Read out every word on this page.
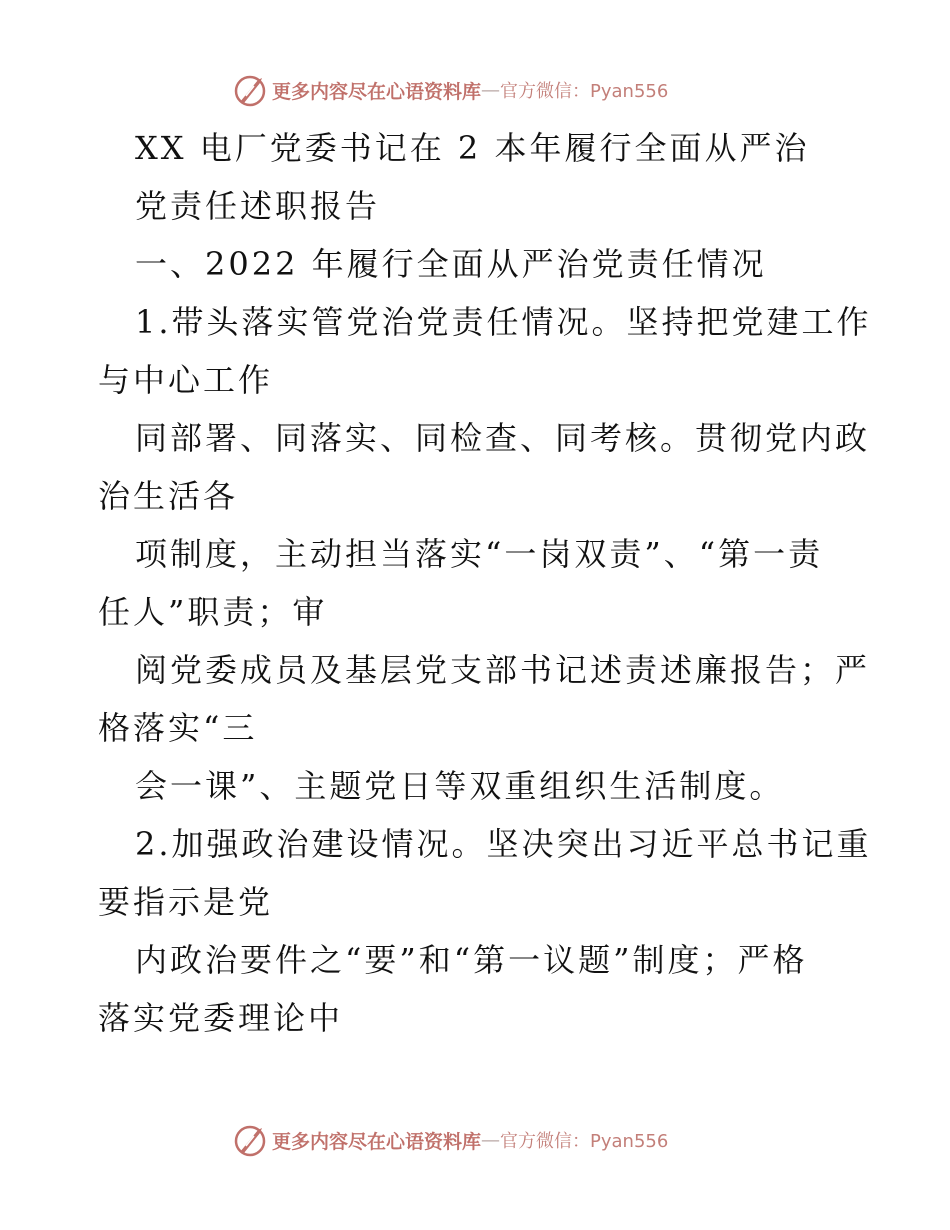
更多内容尽在心语资料库 — 官方微信：Pyan556
XX 电厂党委书记在 2 本年履行全面从严治
党责任述职报告
一、2022 年履行全面从严治党责任情况
1.带头落实管党治党责任情况。坚持把党建工作
与中心工作
同部署、同落实、同检查、同考核。贯彻党内政
治生活各
项制度，主动担当落实“一岗双责”、“第一责
任人”职责；审
阅党委成员及基层党支部书记述责述廉报告；严
格落实“三
会一课”、主题党日等双重组织生活制度。
2.加强政治建设情况。坚决突出习近平总书记重
要指示是党
内政治要件之“要”和“第一议题”制度；严格
落实党委理论中
更多内容尽在心语资料库 — 官方微信：Pyan556
